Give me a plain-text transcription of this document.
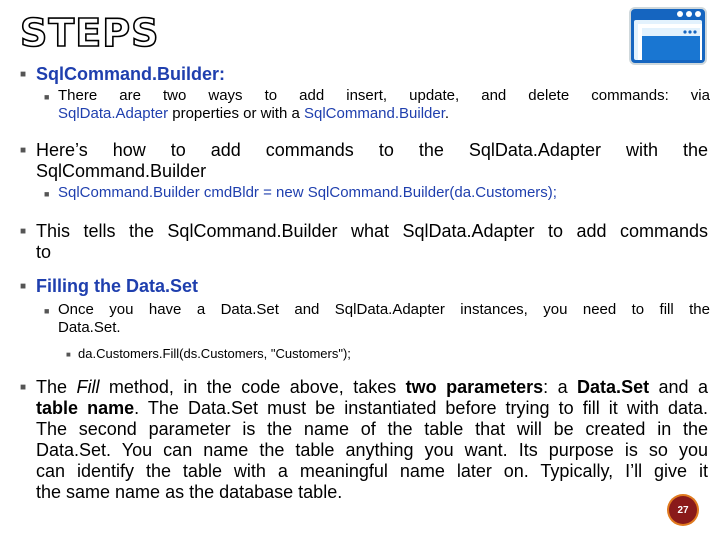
STEPS
■ SqlCommand.Builder:
■ There are two ways to add insert, update, and delete commands: via
SqlData.Adapter properties or with a SqlCommand.Builder.
■ Here’s how to add commands to the SqlData.Adapter with the
SqlCommand.Builder
■ SqlCommand.Builder cmdBldr = new SqlCommand.Builder(da.Customers);
■ This tells the SqlCommand.Builder what SqlData.Adapter to add commands
to
■ Filling the Data.Set
■ Once you have a Data.Set and SqlData.Adapter instances, you need to fill the
Data.Set.
■ da.Customers.Fill(ds.Customers, "Customers");
■ The Fill method, in the code above, takes two parameters: a Data.Set and a
table name. The Data.Set must be instantiated before trying to fill it with data.
The second parameter is the name of the table that will be created in the
Data.Set. You can name the table anything you want. Its purpose is so you
can identify the table with a meaningful name later on. Typically, I’ll give it
the same name as the database table.
27
